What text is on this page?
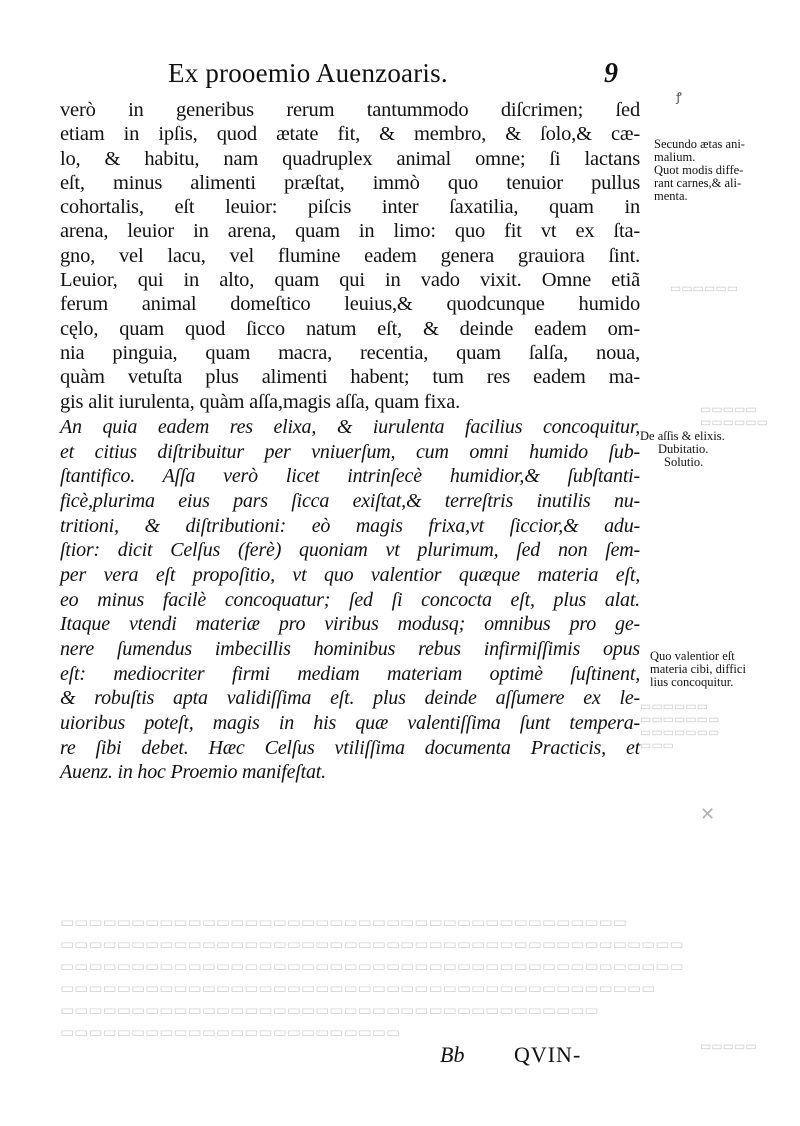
Ex prooemio Auenzoaris.	9
ꝭ
verò in generibus rerum tantummodo diſcrimen; ſed
etiam in ipſis, quod ætate fit, & membro, & ſolo,& cæ-
lo, & habitu, nam quadruplex animal omne; ſi lactans
eſt, minus alimenti præſtat, immò quo tenuior pullus
cohortalis, eſt leuior: piſcis inter ſaxatilia, quam in
arena, leuior in arena, quam in limo: quo fit vt ex ſta-
gno, vel lacu, vel flumine eadem genera grauiora ſint.
Leuior, qui in alto, quam qui in vado vixit. Omne etiã
ferum animal domeſtico leuius,& quodcunque humido
cęlo, quam quod ſicco natum eſt, & deinde eadem om-
nia pinguia, quam macra, recentia, quam ſalſa, noua,
quàm vetuſta plus alimenti habent; tum res eadem ma-
gis alit iurulenta, quàm aſſa,magis aſſa, quam fixa.
An quia eadem res elixa, & iurulenta facilius concoquitur,
et citius diſtribuitur per vniuerſum, cum omni humido ſub-
ſtantifico. Aſſa verò licet intrinſecè humidior,& ſubſtanti-
ficè,plurima eius pars ſicca exiſtat,& terreſtris inutilis nu-
tritioni, & diſtributioni: eò magis frixa,vt ſiccior,& adu-
ſtior: dicit Celſus (ferè) quoniam vt plurimum, ſed non ſem-
per vera eſt propoſitio, vt quo valentior quæque materia eſt,
eo minus facilè concoquatur; ſed ſi concocta eſt, plus alat.
Itaque vtendi materiæ pro viribus modusq; omnibus pro ge-
nere ſumendus imbecillis hominibus rebus infirmiſſimis opus
eſt: mediocriter firmi mediam materiam optimè ſuſtinent,
& robuſtis apta validiſſima eſt. plus deinde aſſumere ex le-
uioribus poteſt, magis in his quæ valentiſſima ſunt tempera-
re ſibi debet. Hæc Celſus vtiliſſima documenta Practicis, et
Auenz. in hoc Proemio manifeſtat.
Secundo ætas ani-
malium.
Quot modis diffe-
rant carnes,& ali-
menta.
De aſſis & elixis.
Dubitatio.
Solutio.
Quo valentior eſt
materia cibi, diffici
lius concoquitur.
▭▭▭▭▭▭
▭▭▭▭▭
▭▭▭▭▭▭
▭▭▭▭▭▭
▭▭▭▭▭▭▭
▭▭▭▭▭▭▭
▭▭▭
✕
▭▭▭▭▭
▭▭▭▭▭▭▭▭▭▭▭▭▭▭▭▭▭▭▭▭▭▭▭▭▭▭▭▭▭▭▭▭▭▭▭▭▭▭▭▭
▭▭▭▭▭▭▭▭▭▭▭▭▭▭▭▭▭▭▭▭▭▭▭▭▭▭▭▭▭▭▭▭▭▭▭▭▭▭▭▭▭▭▭▭
▭▭▭▭▭▭▭▭▭▭▭▭▭▭▭▭▭▭▭▭▭▭▭▭▭▭▭▭▭▭▭▭▭▭▭▭▭▭▭▭▭▭▭▭
▭▭▭▭▭▭▭▭▭▭▭▭▭▭▭▭▭▭▭▭▭▭▭▭▭▭▭▭▭▭▭▭▭▭▭▭▭▭▭▭▭▭
▭▭▭▭▭▭▭▭▭▭▭▭▭▭▭▭▭▭▭▭▭▭▭▭▭▭▭▭▭▭▭▭▭▭▭▭▭▭
▭▭▭▭▭▭▭▭▭▭▭▭▭▭▭▭▭▭▭▭▭▭▭▭
Bb QVIN-
